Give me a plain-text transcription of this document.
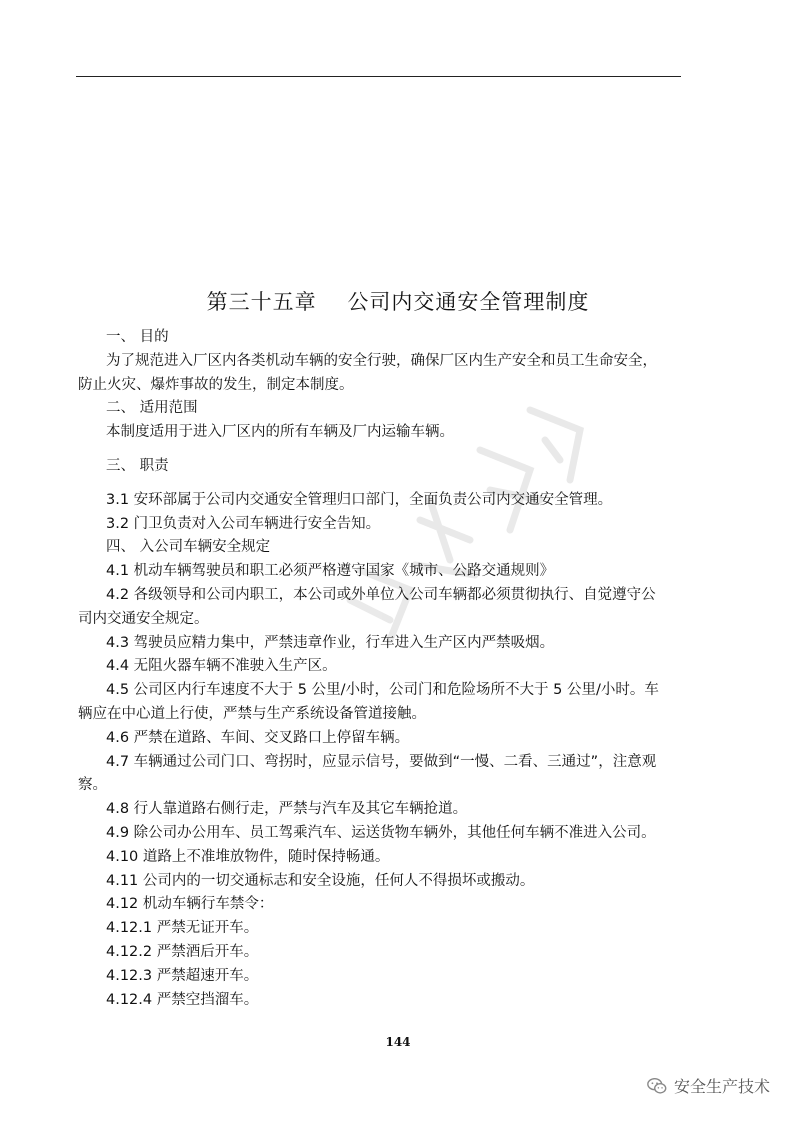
第三十五章    公司内交通安全管理制度
一、 目的
为了规范进入厂区内各类机动车辆的安全行驶，确保厂区内生产安全和员工生命安全，
防止火灾、爆炸事故的发生，制定本制度。
二、 适用范围
本制度适用于进入厂区内的所有车辆及厂内运输车辆。
三、 职责
3.1 安环部属于公司内交通安全管理归口部门，全面负责公司内交通安全管理。
3.2 门卫负责对入公司车辆进行安全告知。
四、 入公司车辆安全规定
4.1 机动车辆驾驶员和职工必须严格遵守国家《城市、公路交通规则》
4.2 各级领导和公司内职工，本公司或外单位入公司车辆都必须贯彻执行、自觉遵守公
司内交通安全规定。
4.3 驾驶员应精力集中，严禁违章作业，行车进入生产区内严禁吸烟。
4.4 无阻火器车辆不准驶入生产区。
4.5 公司区内行车速度不大于 5 公里/小时，公司门和危险场所不大于 5 公里/小时。车
辆应在中心道上行使，严禁与生产系统设备管道接触。
4.6 严禁在道路、车间、交叉路口上停留车辆。
4.7 车辆通过公司门口、弯拐时，应显示信号，要做到“一慢、二看、三通过”，注意观
察。
4.8 行人靠道路右侧行走，严禁与汽车及其它车辆抢道。
4.9 除公司办公用车、员工驾乘汽车、运送货物车辆外，其他任何车辆不准进入公司。
4.10 道路上不准堆放物件，随时保持畅通。
4.11 公司内的一切交通标志和安全设施，任何人不得损坏或搬动。
4.12 机动车辆行车禁令：
4.12.1 严禁无证开车。
4.12.2 严禁酒后开车。
4.12.3 严禁超速开车。
4.12.4 严禁空挡溜车。
144
安全生产技术
